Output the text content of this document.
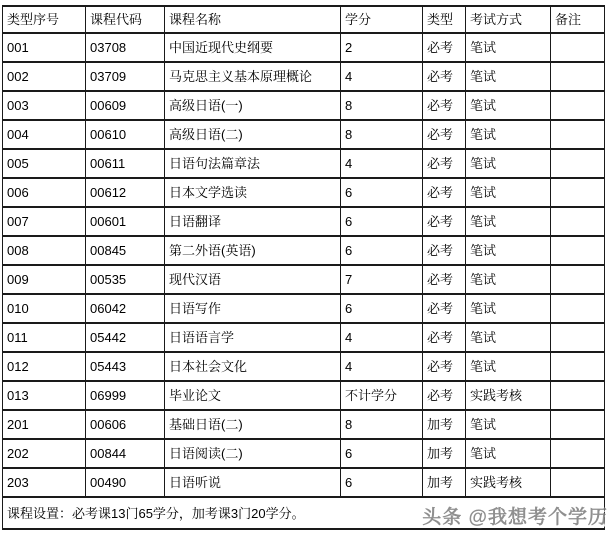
类型序号	课程代码	课程名称	学分	类型	考试方式	备注
001	03708	中国近现代史纲要	2	必考	笔试	
002	03709	马克思主义基本原理概论	4	必考	笔试	
003	00609	高级日语(一)	8	必考	笔试	
004	00610	高级日语(二)	8	必考	笔试	
005	00611	日语句法篇章法	4	必考	笔试	
006	00612	日本文学选读	6	必考	笔试	
007	00601	日语翻译	6	必考	笔试	
008	00845	第二外语(英语)	6	必考	笔试	
009	00535	现代汉语	7	必考	笔试	
010	06042	日语写作	6	必考	笔试	
011	05442	日语语言学	4	必考	笔试	
012	05443	日本社会文化	4	必考	笔试	
013	06999	毕业论文	不计学分	必考	实践考核	
201	00606	基础日语(二)	8	加考	笔试	
202	00844	日语阅读(二)	6	加考	笔试	
203	00490	日语听说	6	加考	实践考核	
课程设置：必考课13门65学分，加考课3门20学分。							头条 @我想考个学历
